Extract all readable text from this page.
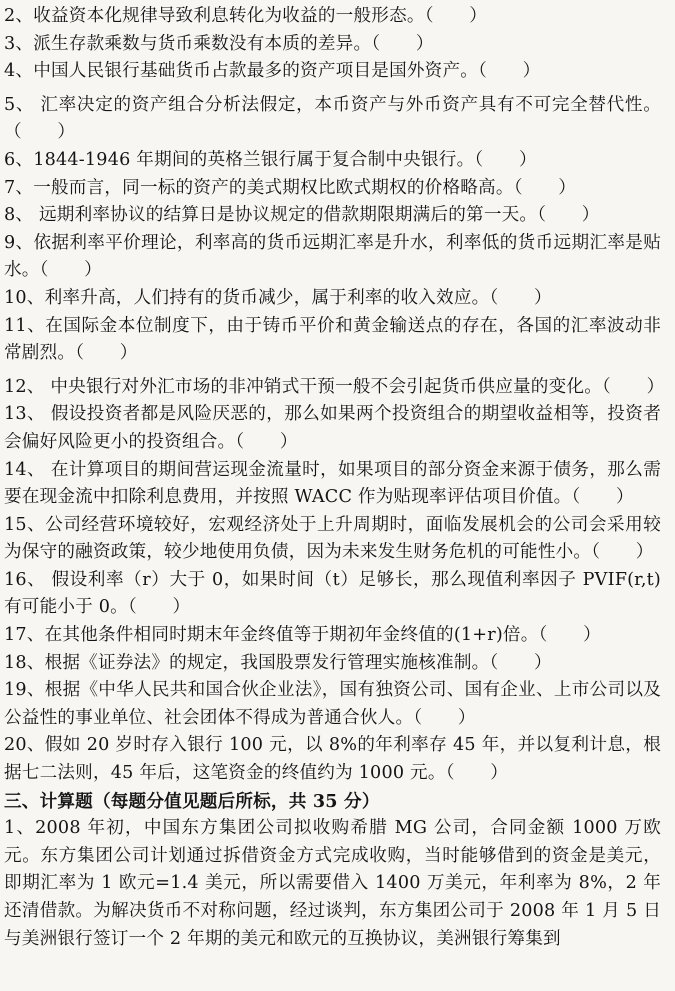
2、收益资本化规律导致利息转化为收益的一般形态。（　　）
3、派生存款乘数与货币乘数没有本质的差异。（　　）
4、中国人民银行基础货币占款最多的资产项目是国外资产。（　　）
5、 汇率决定的资产组合分析法假定，本币资产与外币资产具有不可完全替代性。（　　）
6、1844-1946 年期间的英格兰银行属于复合制中央银行。（　　）
7、一般而言，同一标的资产的美式期权比欧式期权的价格略高。（　　）
8、 远期利率协议的结算日是协议规定的借款期限期满后的第一天。（　　）
9、依据利率平价理论，利率高的货币远期汇率是升水，利率低的货币远期汇率是贴水。（　　）
10、利率升高，人们持有的货币减少，属于利率的收入效应。（　　）
11、在国际金本位制度下，由于铸币平价和黄金输送点的存在，各国的汇率波动非常剧烈。（　　）
12、 中央银行对外汇市场的非冲销式干预一般不会引起货币供应量的变化。（　　）
13、 假设投资者都是风险厌恶的，那么如果两个投资组合的期望收益相等，投资者会偏好风险更小的投资组合。（　　）
14、 在计算项目的期间营运现金流量时，如果项目的部分资金来源于债务，那么需要在现金流中扣除利息费用，并按照 WACC 作为贴现率评估项目价值。（　　）
15、公司经营环境较好，宏观经济处于上升周期时，面临发展机会的公司会采用较为保守的融资政策，较少地使用负债，因为未来发生财务危机的可能性小。（　　）
16、 假设利率（r）大于 0，如果时间（t）足够长，那么现值利率因子 PVIF(r,t)有可能小于 0。（　　）
17、在其他条件相同时期末年金终值等于期初年金终值的(1+r)倍。（　　）
18、根据《证券法》的规定，我国股票发行管理实施核准制。（　　）
19、根据《中华人民共和国合伙企业法》，国有独资公司、国有企业、上市公司以及公益性的事业单位、社会团体不得成为普通合伙人。（　　）
20、假如 20 岁时存入银行 100 元，以 8%的年利率存 45 年，并以复利计息，根据七二法则，45 年后，这笔资金的终值约为 1000 元。（　　）
三、计算题（每题分值见题后所标，共 35 分）
1、2008 年初，中国东方集团公司拟收购希腊 MG 公司，合同金额 1000 万欧元。东方集团公司计划通过拆借资金方式完成收购，当时能够借到的资金是美元，即期汇率为 1 欧元=1.4 美元，所以需要借入 1400 万美元，年利率为 8%，2 年还清借款。为解决货币不对称问题，经过谈判，东方集团公司于 2008 年 1 月 5 日与美洲银行签订一个 2 年期的美元和欧元的互换协议，美洲银行筹集到
